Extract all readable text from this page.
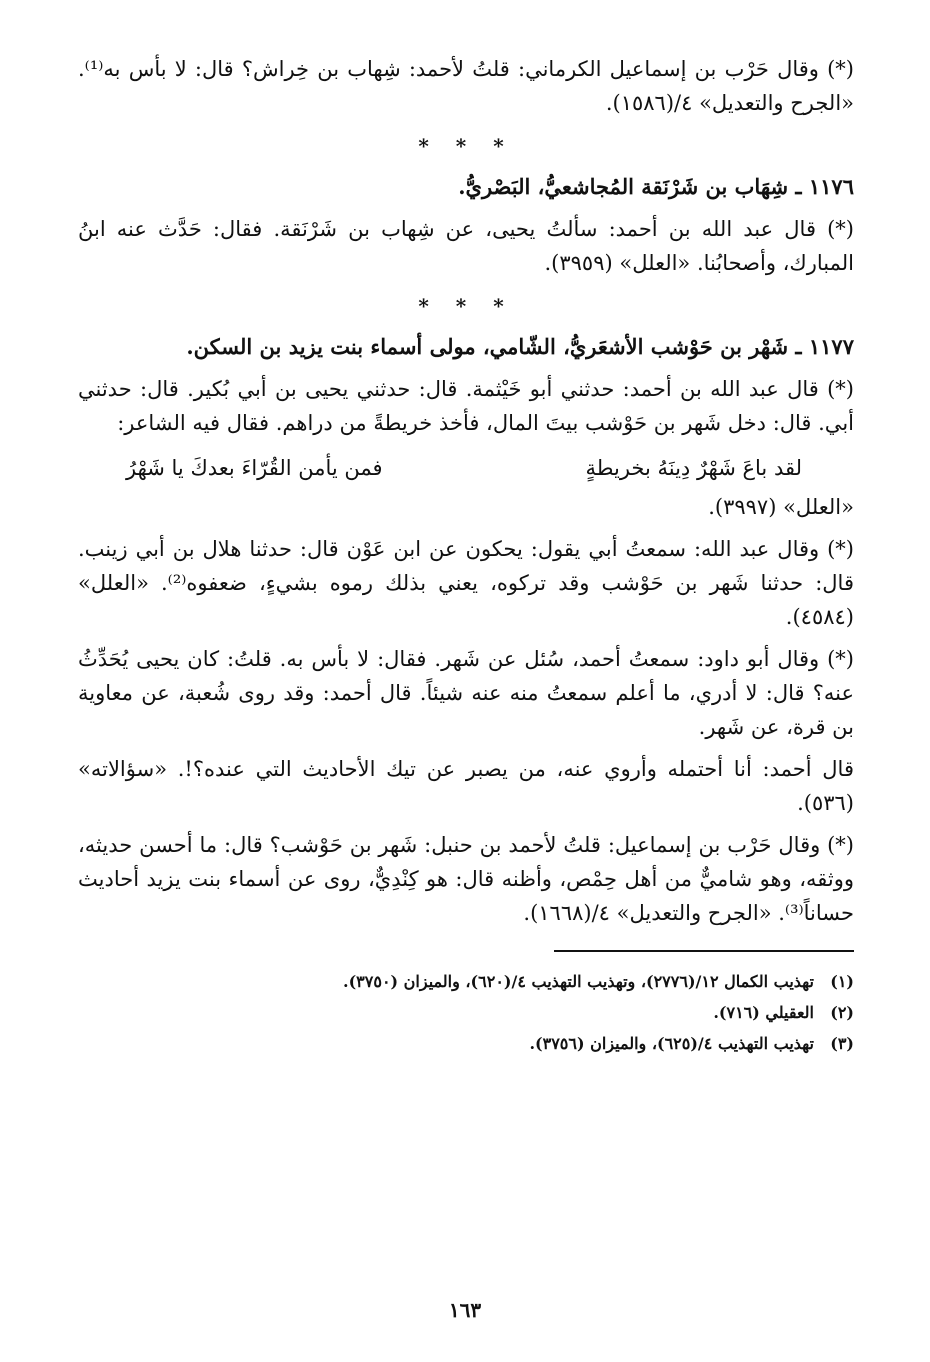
(*) وقال حَرْب بن إسماعيل الكرماني: قلتُ لأحمد: شِهاب بن خِراش؟ قال: لا بأس به⁽¹⁾. «الجرح والتعديل» ٤/(١٥٨٦).

* * *
١١٧٦ ـ شِهَاب بن شَرْنَقة المُجاشعيُّ، البَصْريُّ.

(*) قال عبد الله بن أحمد: سألتُ يحيى، عن شِهاب بن شَرْنَقة. فقال: حَدَّث عنه ابنُ المبارك، وأصحابُنا. «العلل» (٣٩٥٩).

* * *
١١٧٧ ـ شَهْر بن حَوْشب الأشعَريُّ، الشّامي، مولى أسماء بنت يزيد بن السكن.

(*) قال عبد الله بن أحمد: حدثني أبو خَيْثمة. قال: حدثني يحيى بن أبي بُكير. قال: حدثني أبي. قال: دخل شَهر بن حَوْشب بيتَ المال، فأخذ خريطةً من دراهم. فقال فيه الشاعر:

لقد باعَ شَهْرٌ دِينَهُ بخريطةٍ
فمن يأمن القُرّاءَ بعدكَ يا شَهْرُ

«العلل» (٣٩٩٧).

(*) وقال عبد الله: سمعتُ أبي يقول: يحكون عن ابن عَوْن قال: حدثنا هلال بن أبي زينب. قال: حدثنا شَهر بن حَوْشب وقد تركوه، يعني بذلك رموه بشيءٍ، ضعفوه⁽²⁾. «العلل» (٤٥٨٤).

(*) وقال أبو داود: سمعتُ أحمد، سُئل عن شَهر. فقال: لا بأس به. قلتُ: كان يحيى يُحَدِّثُ عنه؟ قال: لا أدري، ما أعلم سمعتُ منه عنه شيئاً. قال أحمد: وقد روى شُعبة، عن معاوية بن قرة، عن شَهر.

قال أحمد: أنا أحتمله وأروي عنه، من يصبر عن تيك الأحاديث التي عنده؟!. «سؤالاته» (٥٣٦).

(*) وقال حَرْب بن إسماعيل: قلتُ لأحمد بن حنبل: شَهر بن حَوْشب؟ قال: ما أحسن حديثه، ووثقه، وهو شاميٌّ من أهل حِمْص، وأظنه قال: هو كِنْدِيٌّ، روى عن أسماء بنت يزيد أحاديث حساناً⁽³⁾. «الجرح والتعديل» ٤/(١٦٦٨).

(١)تهذيب الكمال ١٢/(٢٧٧٦)، وتهذيب التهذيب ٤/(٦٢٠)، والميزان (٣٧٥٠).
(٢)العقيلي (٧١٦).
(٣)تهذيب التهذيب ٤/(٦٢٥)، والميزان (٣٧٥٦).
١٦٣
